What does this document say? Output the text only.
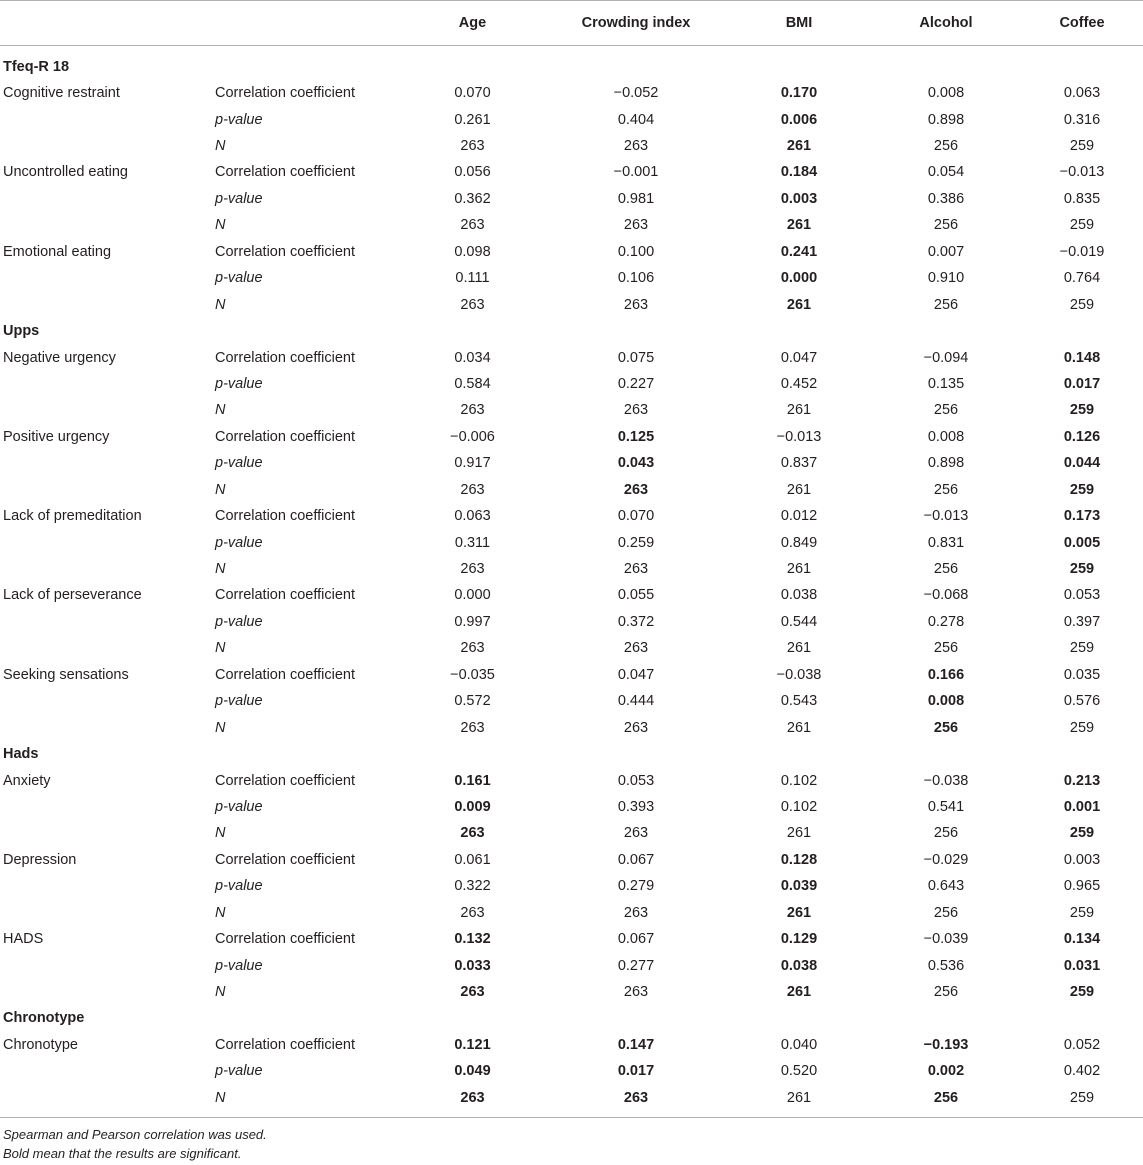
		Age	Crowding index	BMI	Alcohol	Coffee

Tfeq-R 18						
Cognitive restraint	Correlation coefficient	0.070	−0.052	0.170	0.008	0.063
	p-value	0.261	0.404	0.006	0.898	0.316
	N	263	263	261	256	259
Uncontrolled eating	Correlation coefficient	0.056	−0.001	0.184	0.054	−0.013
	p-value	0.362	0.981	0.003	0.386	0.835
	N	263	263	261	256	259
Emotional eating	Correlation coefficient	0.098	0.100	0.241	0.007	−0.019
	p-value	0.111	0.106	0.000	0.910	0.764
	N	263	263	261	256	259
Upps						
Negative urgency	Correlation coefficient	0.034	0.075	0.047	−0.094	0.148
	p-value	0.584	0.227	0.452	0.135	0.017
	N	263	263	261	256	259
Positive urgency	Correlation coefficient	−0.006	0.125	−0.013	0.008	0.126
	p-value	0.917	0.043	0.837	0.898	0.044
	N	263	263	261	256	259
Lack of premeditation	Correlation coefficient	0.063	0.070	0.012	−0.013	0.173
	p-value	0.311	0.259	0.849	0.831	0.005
	N	263	263	261	256	259
Lack of perseverance	Correlation coefficient	0.000	0.055	0.038	−0.068	0.053
	p-value	0.997	0.372	0.544	0.278	0.397
	N	263	263	261	256	259
Seeking sensations	Correlation coefficient	−0.035	0.047	−0.038	0.166	0.035
	p-value	0.572	0.444	0.543	0.008	0.576
	N	263	263	261	256	259
Hads						
Anxiety	Correlation coefficient	0.161	0.053	0.102	−0.038	0.213
	p-value	0.009	0.393	0.102	0.541	0.001
	N	263	263	261	256	259
Depression	Correlation coefficient	0.061	0.067	0.128	−0.029	0.003
	p-value	0.322	0.279	0.039	0.643	0.965
	N	263	263	261	256	259
HADS	Correlation coefficient	0.132	0.067	0.129	−0.039	0.134
	p-value	0.033	0.277	0.038	0.536	0.031
	N	263	263	261	256	259
Chronotype						
Chronotype	Correlation coefficient	0.121	0.147	0.040	−0.193	0.052
	p-value	0.049	0.017	0.520	0.002	0.402
	N	263	263	261	256	259
Spearman and Pearson correlation was used.
Bold mean that the results are significant.
